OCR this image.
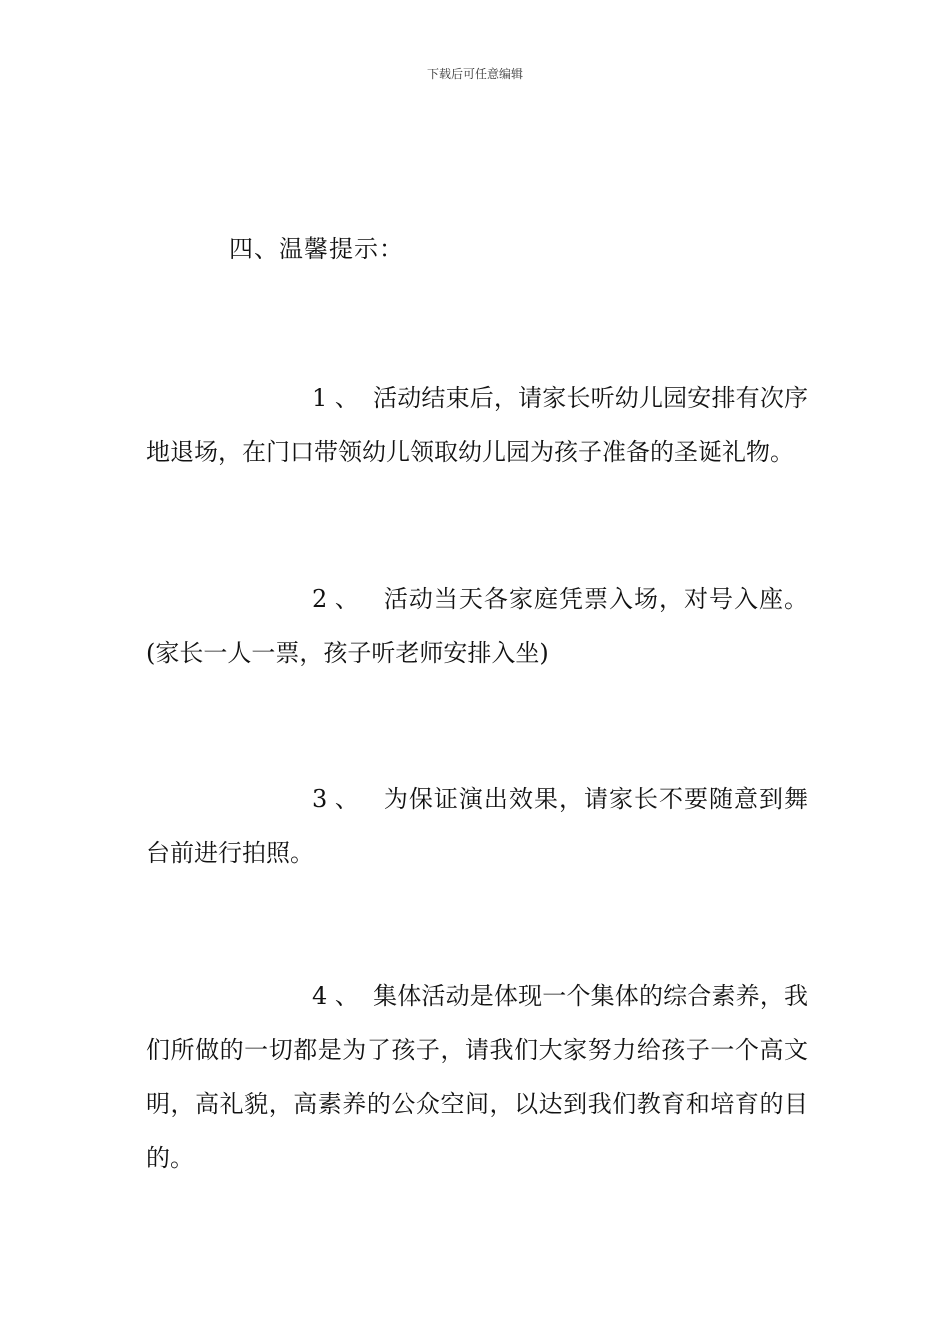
下载后可任意编辑
四、温馨提示：

1 、 活动结束后，请家长听幼儿园安排有次序地退场，在门口带领幼儿领取幼儿园为孩子准备的圣诞礼物。

2 、 活动当天各家庭凭票入场，对号入座。(家长一人一票，孩子听老师安排入坐)

3 、 为保证演出效果，请家长不要随意到舞台前进行拍照。

4 、 集体活动是体现一个集体的综合素养，我们所做的一切都是为了孩子，请我们大家努力给孩子一个高文明，高礼貌，高素养的公众空间，以达到我们教育和培育的目的。
